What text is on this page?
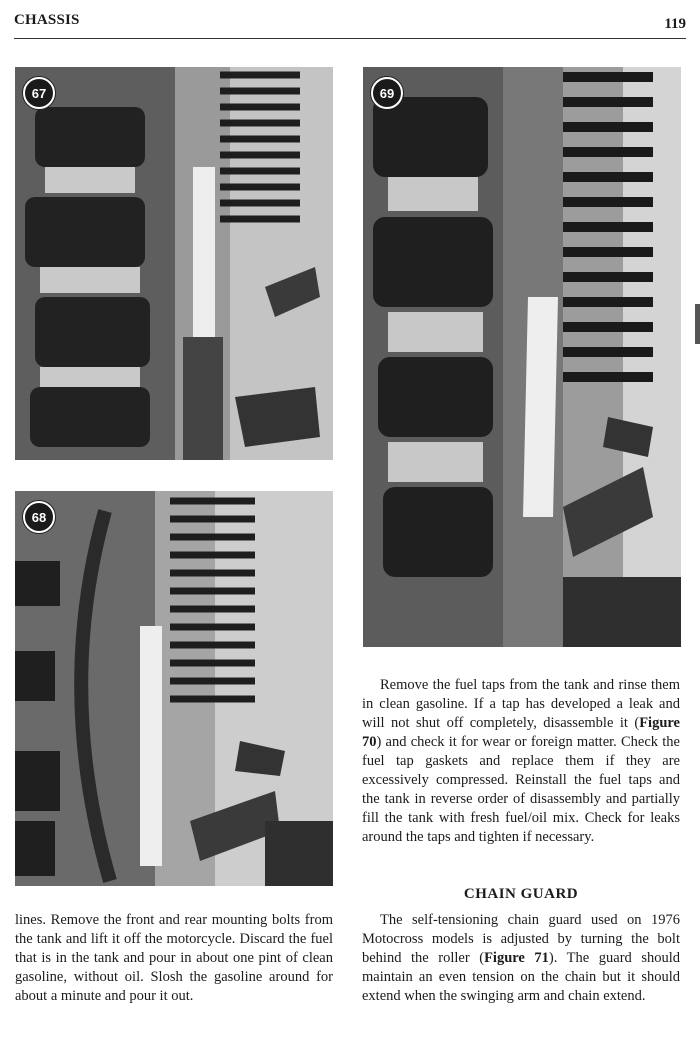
CHASSIS	119
67
68
69

lines. Remove the front and rear mounting bolts from the tank and lift it off the motorcycle. Discard the fuel that is in the tank and pour in about one pint of clean gasoline, without oil. Slosh the gasoline around for about a minute and pour it out.

Remove the fuel taps from the tank and rinse them in clean gasoline. If a tap has developed a leak and will not shut off completely, disassemble it (Figure 70) and check it for wear or foreign matter. Check the fuel tap gaskets and replace them if they are excessively compressed. Reinstall the fuel taps and the tank in reverse order of disassembly and partially fill the tank with fresh fuel/oil mix. Check for leaks around the taps and tighten if necessary.

CHAIN GUARD

The self-tensioning chain guard used on 1976 Motocross models is adjusted by turning the bolt behind the roller (Figure 71). The guard should maintain an even tension on the chain but it should extend when the swinging arm and chain extend.
